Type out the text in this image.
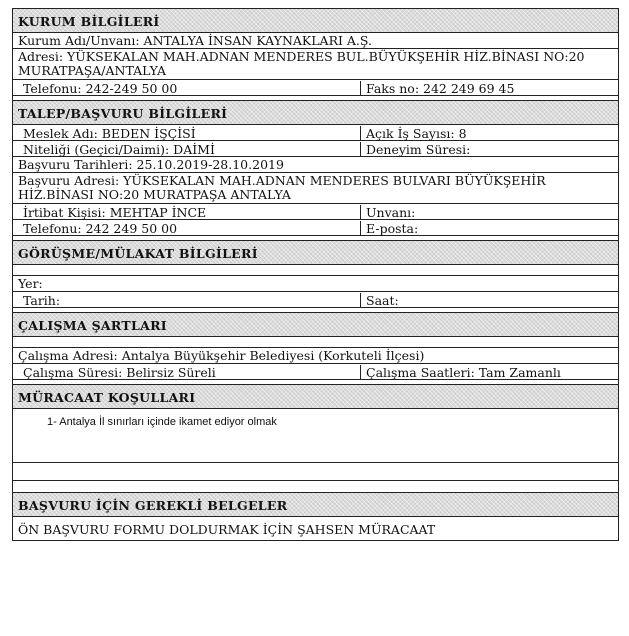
KURUM BİLGİLERİ
Kurum Adı/Unvanı: ANTALYA İNSAN KAYNAKLARI A.Ş.
Adresi: YÜKSEKALAN MAH.ADNAN MENDERES BUL.BÜYÜKŞEHİR HİZ.BİNASI NO:20 MURATPAŞA/ANTALYA
Telefonu: 242-249 50 00	Faks no: 242 249 69 45
TALEP/BAŞVURU BİLGİLERİ
Meslek Adı: BEDEN İŞÇİSİ	Açık İş Sayısı: 8
Niteliği (Geçici/Daimi): DAİMİ	Deneyim Süresi:
Başvuru Tarihleri: 25.10.2019-28.10.2019
Başvuru Adresi: YÜKSEKALAN MAH.ADNAN MENDERES BULVARI BÜYÜKŞEHİR HİZ.BİNASI NO:20 MURATPAŞA ANTALYA
İrtibat Kişisi: MEHTAP İNCE	Unvanı:
Telefonu: 242 249 50 00	E-posta:
GÖRÜŞME/MÜLAKAT BİLGİLERİ
Yer:
Tarih:	Saat:
ÇALIŞMA ŞARTLARI
Çalışma Adresi: Antalya Büyükşehir Belediyesi (Korkuteli İlçesi)
Çalışma Süresi: Belirsiz Süreli	Çalışma Saatleri: Tam Zamanlı
MÜRACAAT KOŞULLARI
1- Antalya İl sınırları içinde ikamet ediyor olmak
BAŞVURU İÇİN GEREKLİ BELGELER
ÖN BAŞVURU FORMU DOLDURMAK İÇİN ŞAHSEN MÜRACAAT
